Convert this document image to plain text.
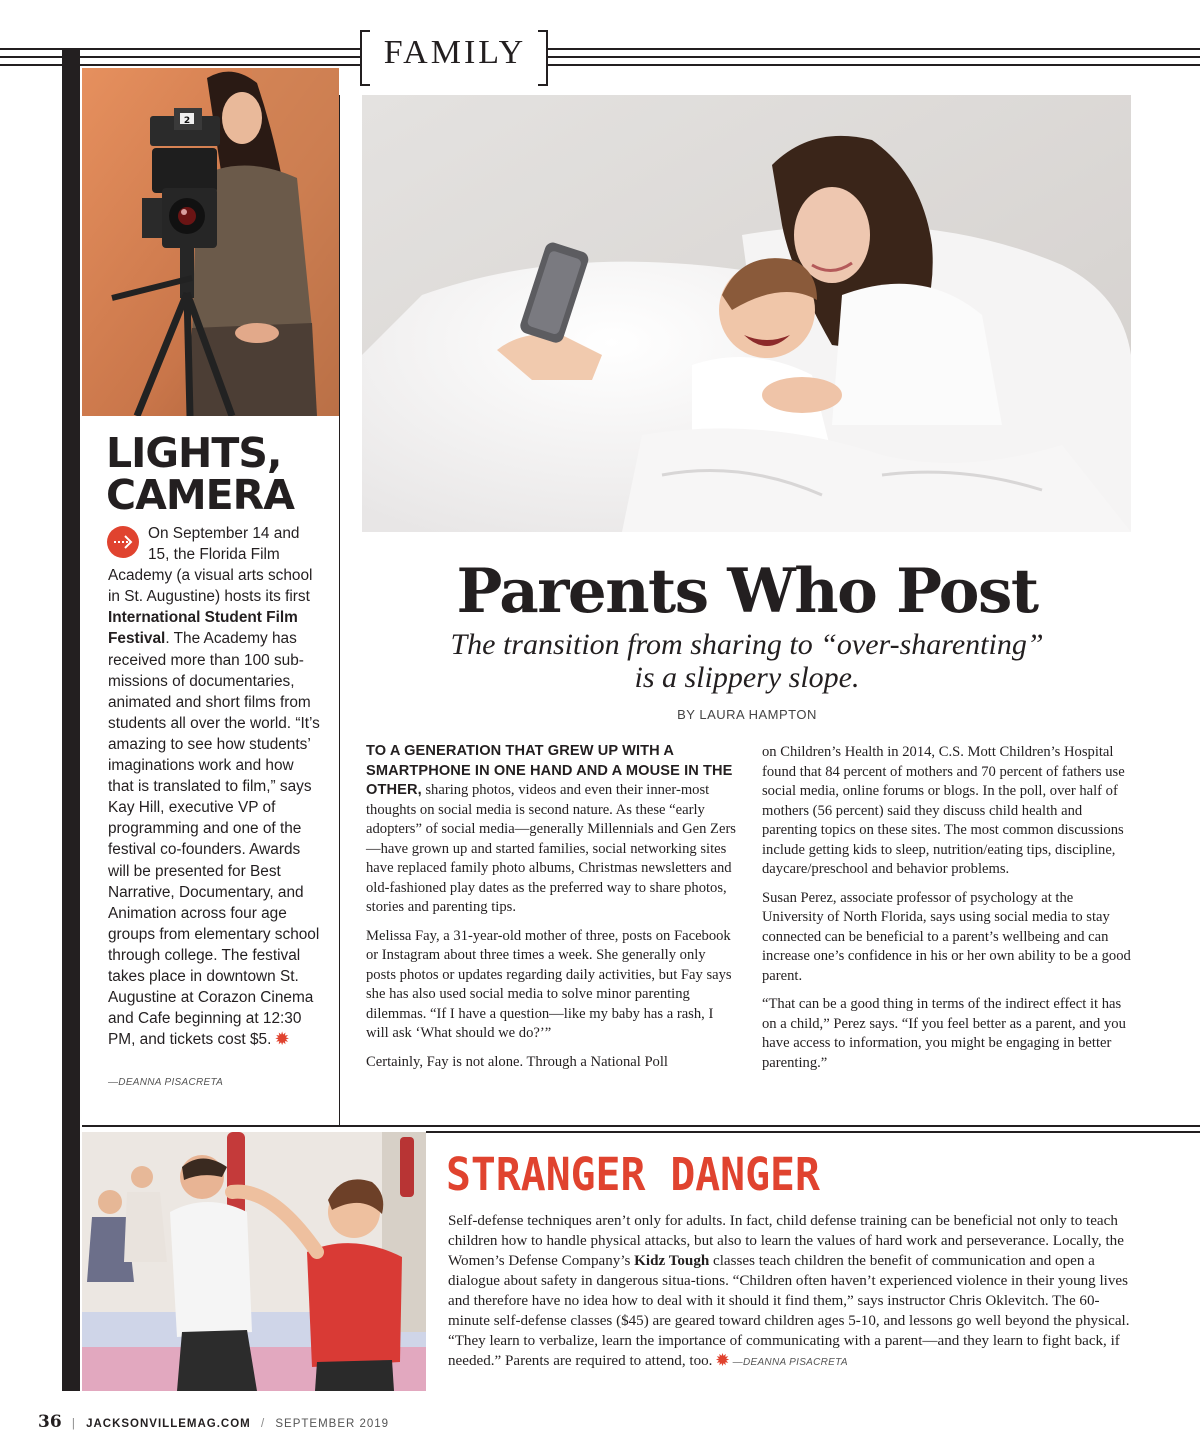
FAMILY
2
LIGHTS,
CAMERA
On September 14 and 15, the Florida Film Academy (a visual arts school in St. Augustine) hosts its first International Student Film Festival. The Academy has received more than 100 sub-missions of documentaries, animated and short films from students all over the world. “It’s amazing to see how students’ imaginations work and how that is translated to film,” says Kay Hill, executive VP of programming and one of the festival co-founders. Awards will be presented for Best Narrative, Documentary, and Animation across four age groups from elementary school through college. The festival takes place in downtown St. Augustine at Corazon Cinema and Cafe beginning at 12:30 PM, and tickets cost $5. ✹
—DEANNA PISACRETA
Parents Who Post
The transition from sharing to “over-sharenting”
is a slippery slope.
BY LAURA HAMPTON

TO A GENERATION THAT GREW UP WITH A SMARTPHONE IN ONE HAND AND A MOUSE IN THE OTHER, sharing photos, videos and even their inner-most thoughts on social media is second nature. As these “early adopters” of social media—generally Millennials and Gen Zers—have grown up and started families, social networking sites have replaced family photo albums, Christmas newsletters and old-fashioned play dates as the preferred way to share photos, stories and parenting tips.

Melissa Fay, a 31-year-old mother of three, posts on Facebook or Instagram about three times a week. She generally only posts photos or updates regarding daily activities, but Fay says she has also used social media to solve minor parenting dilemmas. “If I have a question—like my baby has a rash, I will ask ‘What should we do?’”

Certainly, Fay is not alone. Through a National Poll

on Children’s Health in 2014, C.S. Mott Children’s Hospital found that 84 percent of mothers and 70 percent of fathers use social media, online forums or blogs. In the poll, over half of mothers (56 percent) said they discuss child health and parenting topics on these sites. The most common discussions include getting kids to sleep, nutrition/eating tips, discipline, daycare/preschool and behavior problems.

Susan Perez, associate professor of psychology at the University of North Florida, says using social media to stay connected can be beneficial to a parent’s wellbeing and can increase one’s confidence in his or her own ability to be a good parent.

“That can be a good thing in terms of the indirect effect it has on a child,” Perez says. “If you feel better as a parent, and you have access to information, you might be engaging in better parenting.”

STRANGER DANGER
Self-defense techniques aren’t only for adults. In fact, child defense training can be beneficial not only to teach children how to handle physical attacks, but also to learn the values of hard work and perseverance. Locally, the Women’s Defense Company’s Kidz Tough classes teach children the benefit of communication and open a dialogue about safety in dangerous situa-tions. “Children often haven’t experienced violence in their young lives and therefore have no idea how to deal with it should it find them,” says instructor Chris Oklevitch. The 60-minute self-defense classes ($45) are geared toward children ages 5-10, and lessons go well beyond the physical. “They learn to verbalize, learn the importance of communicating with a parent—and they learn to fight back, if needed.” Parents are required to attend, too. ✹ —DEANNA PISACRETA
36 | JACKSONVILLEMAG.COM / SEPTEMBER 2019
